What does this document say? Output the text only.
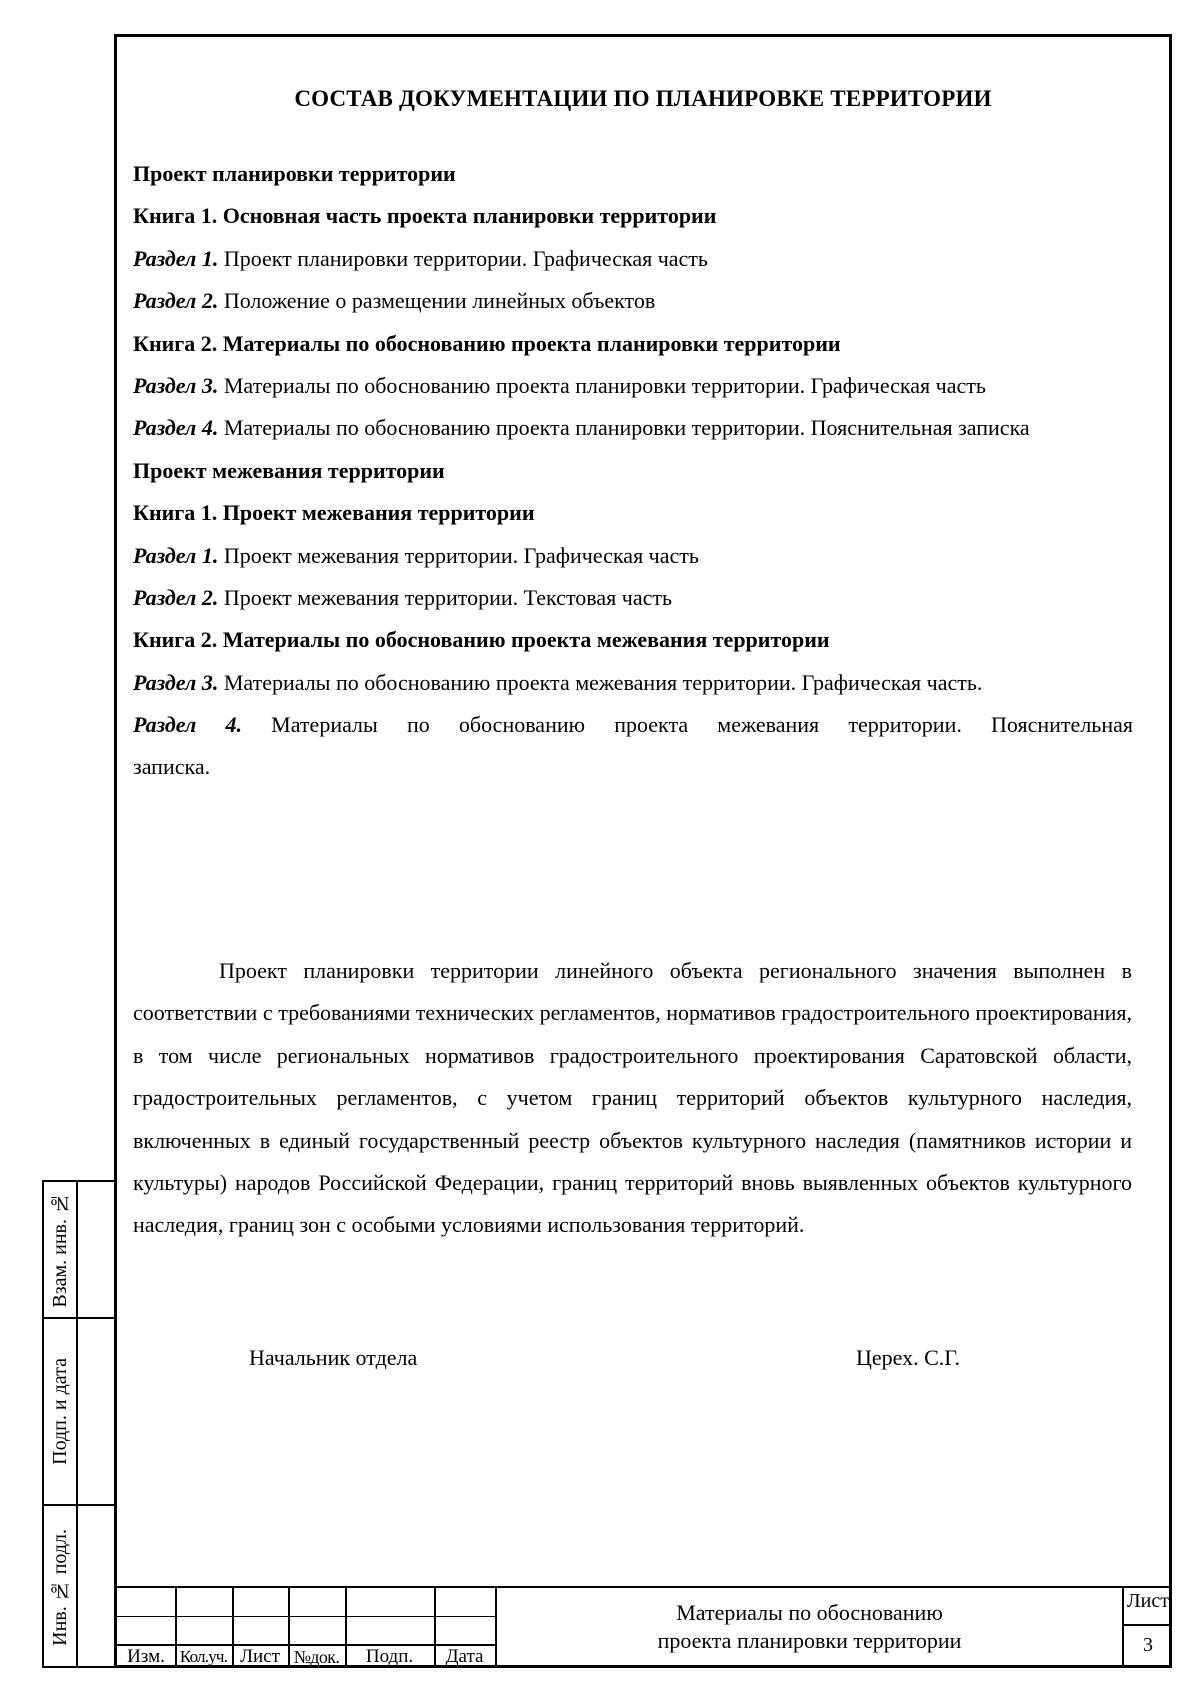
СОСТАВ ДОКУМЕНТАЦИИ ПО ПЛАНИРОВКЕ ТЕРРИТОРИИ
Проект планировки территории
Книга 1. Основная часть проекта планировки территории
Раздел 1. Проект планировки территории. Графическая часть
Раздел 2. Положение о размещении линейных объектов
Книга 2. Материалы по обоснованию проекта планировки территории
Раздел 3. Материалы по обоснованию проекта планировки территории. Графическая часть
Раздел 4. Материалы по обоснованию проекта планировки территории. Пояснительная записка
Проект межевания территории
Книга 1. Проект межевания территории
Раздел 1. Проект межевания территории. Графическая часть
Раздел 2. Проект межевания территории. Текстовая часть
Книга 2. Материалы по обоснованию проекта межевания территории
Раздел 3. Материалы по обоснованию проекта межевания территории. Графическая часть.
Раздел 4. Материалы по обоснованию проекта межевания территории. Пояснительная
записка.
Проект планировки территории линейного объекта регионального значения выполнен в соответствии с требованиями технических регламентов, нормативов градостроительного проектирования, в том числе региональных нормативов градостроительного проектирования Саратовской области, градостроительных регламентов, с учетом границ территорий объектов культурного наследия, включенных в единый государственный реестр объектов культурного наследия (памятников истории и культуры) народов Российской Федерации, границ территорий вновь выявленных объектов культурного наследия, границ зон с особыми условиями использования территорий.
Начальник отдела	Церех. С.Г.
Взам. инв. №
Подп. и дата
Инв. № подл.
Изм. Кол.уч. Лист №док.	Подп.	Дата
Материалы по обоснованию
проекта планировки территории
Лист
3
